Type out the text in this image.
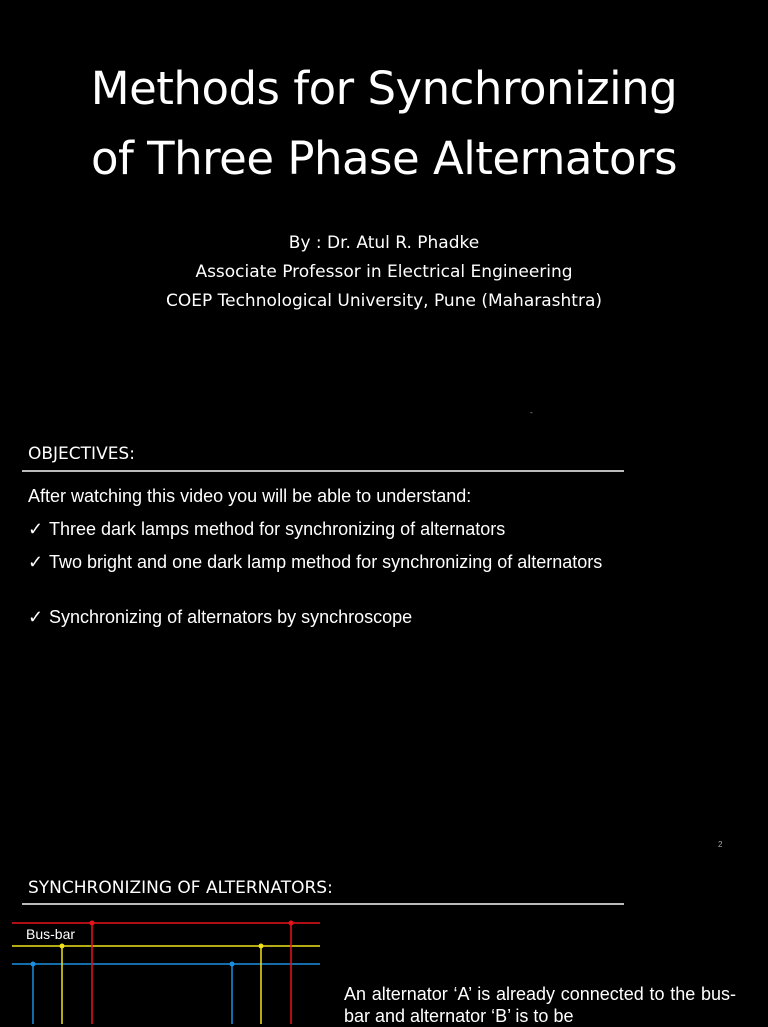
Methods for Synchronizing
of Three Phase Alternators
By : Dr. Atul R. Phadke
Associate Professor in Electrical Engineering
COEP Technological University, Pune (Maharashtra)
-
OBJECTIVES:
After watching this video you will be able to understand:
✓ Three dark lamps method for synchronizing of alternators
✓ Two bright and one dark lamp method for synchronizing of alternators
✓ Synchronizing of alternators by synchroscope
2
SYNCHRONIZING OF ALTERNATORS:
An alternator ‘A’ is already connected to the bus-bar and alternator ‘B’ is to be
Bus-bar
